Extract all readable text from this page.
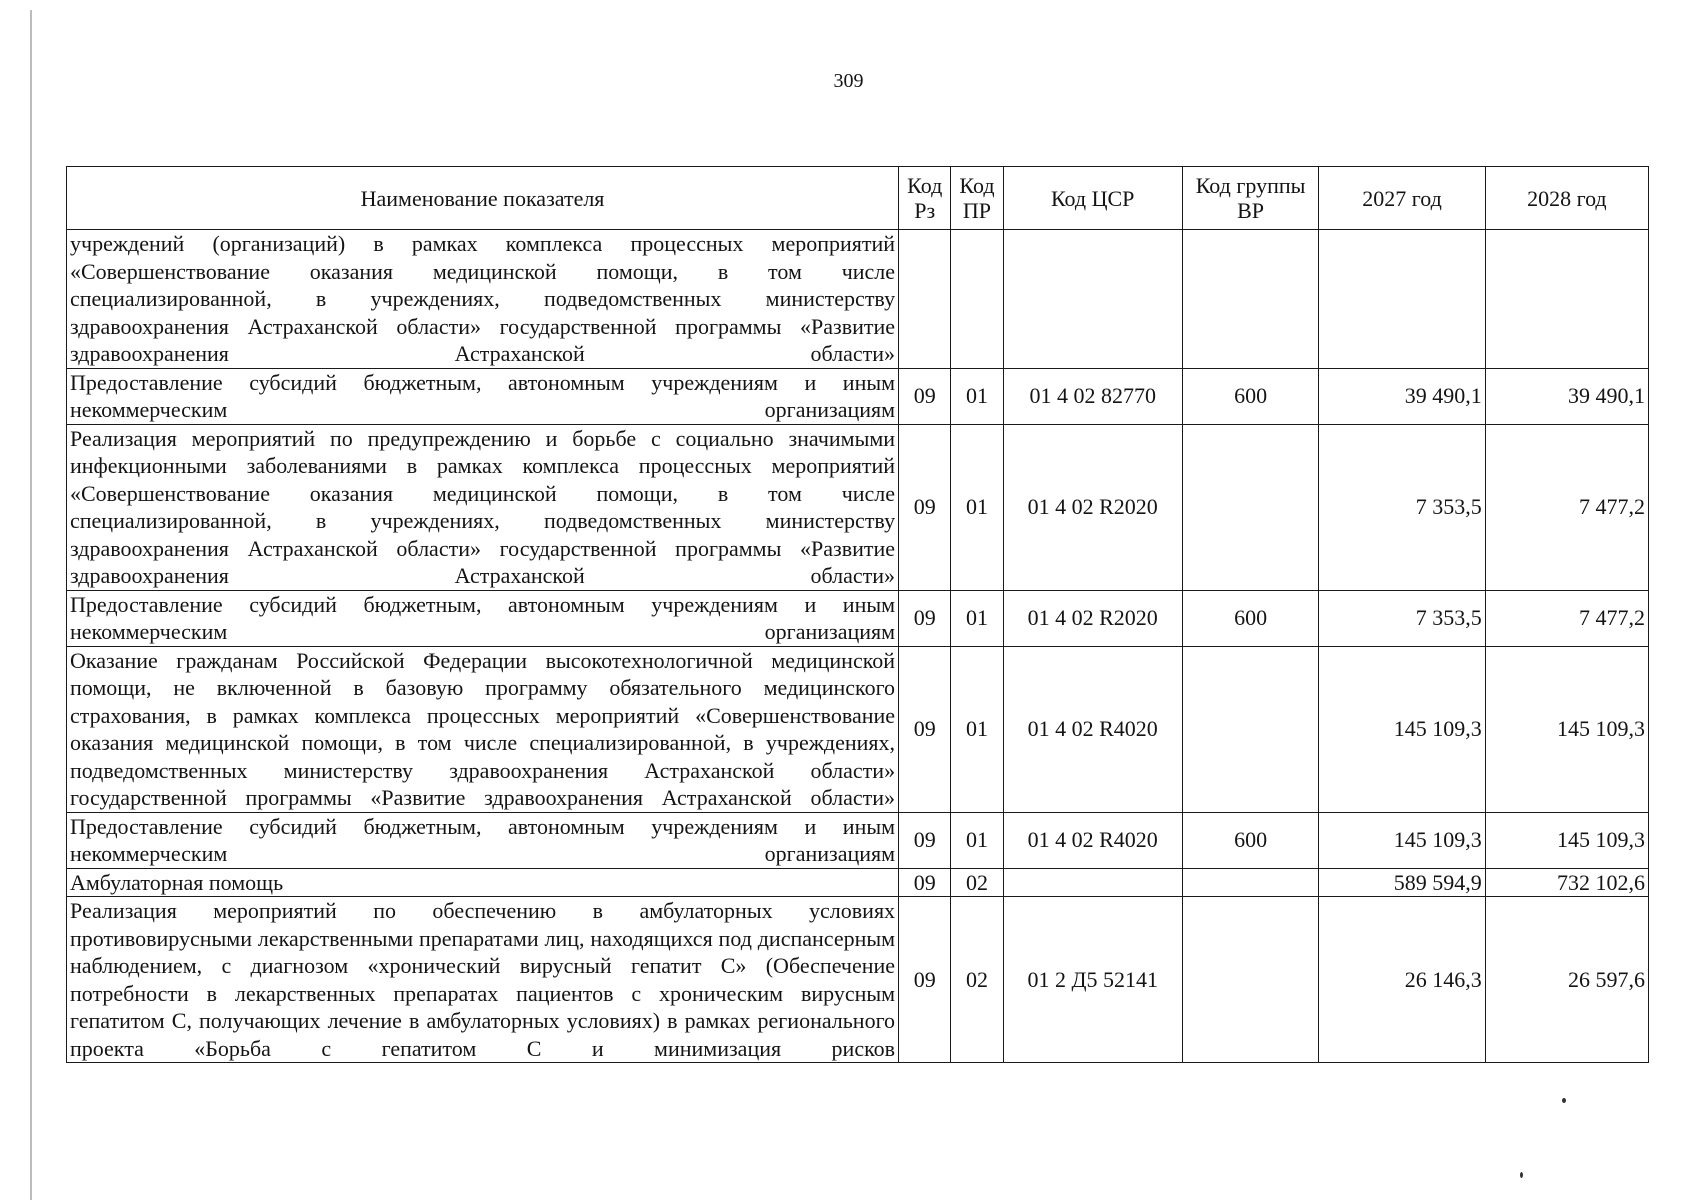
309
Наименование показателя	Код Рз	Код ПР	Код ЦСР	Код группы ВР	2027 год	2028 год
учреждений (организаций) в рамках комплекса процессных мероприятий «Совершенствование оказания медицинской помощи, в том числе специализированной, в учреждениях, подведомственных министерству здравоохранения Астраханской области» государственной программы «Развитие здравоохранения Астраханской области»						
Предоставление субсидий бюджетным, автономным учреждениям и иным некоммерческим организациям	09	01	01 4 02 82770	600	39 490,1	39 490,1
Реализация мероприятий по предупреждению и борьбе с социально значимыми инфекционными заболеваниями в рамках комплекса процессных мероприятий «Совершенствование оказания медицинской помощи, в том числе специализированной, в учреждениях, подведомственных министерству здравоохранения Астраханской области» государственной программы «Развитие здравоохранения Астраханской области»	09	01	01 4 02 R2020		7 353,5	7 477,2
Предоставление субсидий бюджетным, автономным учреждениям и иным некоммерческим организациям	09	01	01 4 02 R2020	600	7 353,5	7 477,2
Оказание гражданам Российской Федерации высокотехнологичной медицинской помощи, не включенной в базовую программу обязательного медицинского страхования, в рамках комплекса процессных мероприятий «Совершенствование оказания медицинской помощи, в том числе специализированной, в учреждениях, подведомственных министерству здравоохранения Астраханской области» государственной программы «Развитие здравоохранения Астраханской области»	09	01	01 4 02 R4020		145 109,3	145 109,3
Предоставление субсидий бюджетным, автономным учреждениям и иным некоммерческим организациям	09	01	01 4 02 R4020	600	145 109,3	145 109,3
Амбулаторная помощь	09	02			589 594,9	732 102,6
Реализация мероприятий по обеспечению в амбулаторных условиях противовирусными лекарственными препаратами лиц, находящихся под диспансерным наблюдением, с диагнозом «хронический вирусный гепатит С» (Обеспечение потребности в лекарственных препаратах пациентов с хроническим вирусным гепатитом С, получающих лечение в амбулаторных условиях) в рамках регионального проекта «Борьба с гепатитом С и минимизация рисков	09	02	01 2 Д5 52141		26 146,3	26 597,6
